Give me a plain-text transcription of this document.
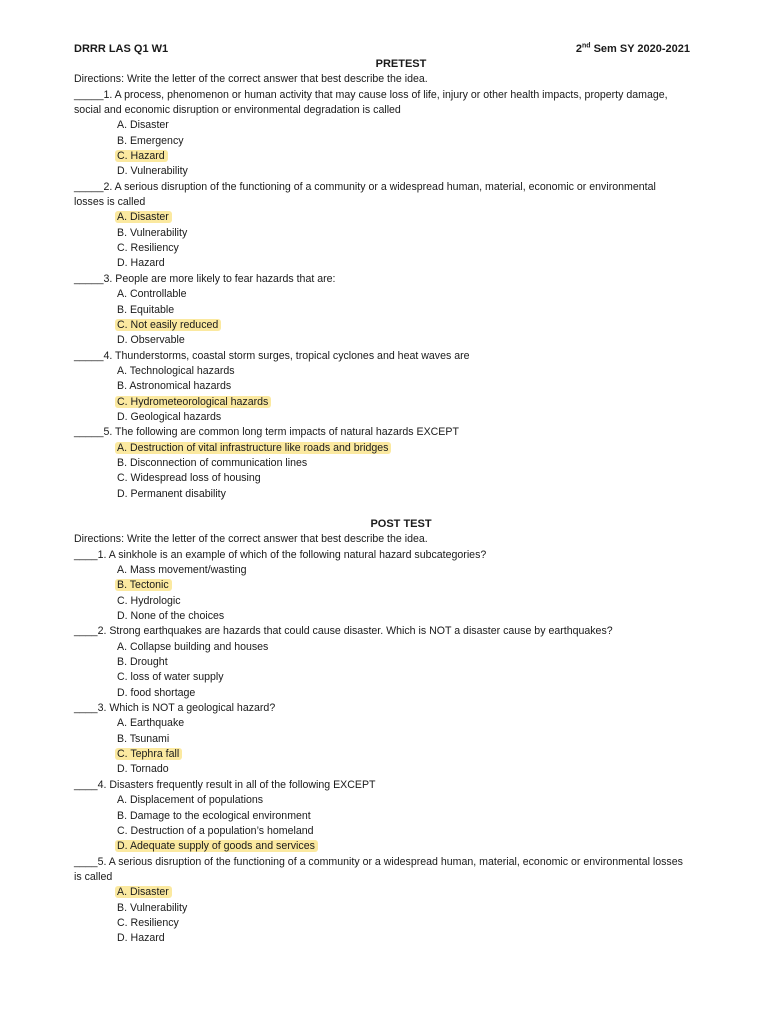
DRRR LAS Q1 W1	2nd Sem SY 2020-2021
PRETEST
Directions: Write the letter of the correct answer that best describe the idea.
_____1. A process, phenomenon or human activity that may cause loss of life, injury or other health impacts, property damage, social and economic disruption or environmental degradation is called
A. Disaster
B. Emergency
C. Hazard
D. Vulnerability
_____2. A serious disruption of the functioning of a community or a widespread human, material, economic or environmental losses is called
A. Disaster
B. Vulnerability
C. Resiliency
D. Hazard
_____3. People are more likely to fear hazards that are:
A. Controllable
B. Equitable
C. Not easily reduced
D. Observable
_____4. Thunderstorms, coastal storm surges, tropical cyclones and heat waves are
A. Technological hazards
B. Astronomical hazards
C. Hydrometeorological hazards
D. Geological hazards
_____5. The following are common long term impacts of natural hazards EXCEPT
A. Destruction of vital infrastructure like roads and bridges
B. Disconnection of communication lines
C. Widespread loss of housing
D. Permanent disability
POST TEST
Directions: Write the letter of the correct answer that best describe the idea.
____1. A sinkhole is an example of which of the following natural hazard subcategories?
A. Mass movement/wasting
B. Tectonic
C. Hydrologic
D. None of the choices
____2. Strong earthquakes are hazards that could cause disaster. Which is NOT a disaster cause by earthquakes?
A. Collapse building and houses
B. Drought
C. loss of water supply
D. food shortage
____3. Which is NOT a geological hazard?
A. Earthquake
B. Tsunami
C. Tephra fall
D. Tornado
____4. Disasters frequently result in all of the following EXCEPT
A. Displacement of populations
B. Damage to the ecological environment
C. Destruction of a population’s homeland
D. Adequate supply of goods and services
____5. A serious disruption of the functioning of a community or a widespread human, material, economic or environmental losses is called
A. Disaster
B. Vulnerability
C. Resiliency
D. Hazard
